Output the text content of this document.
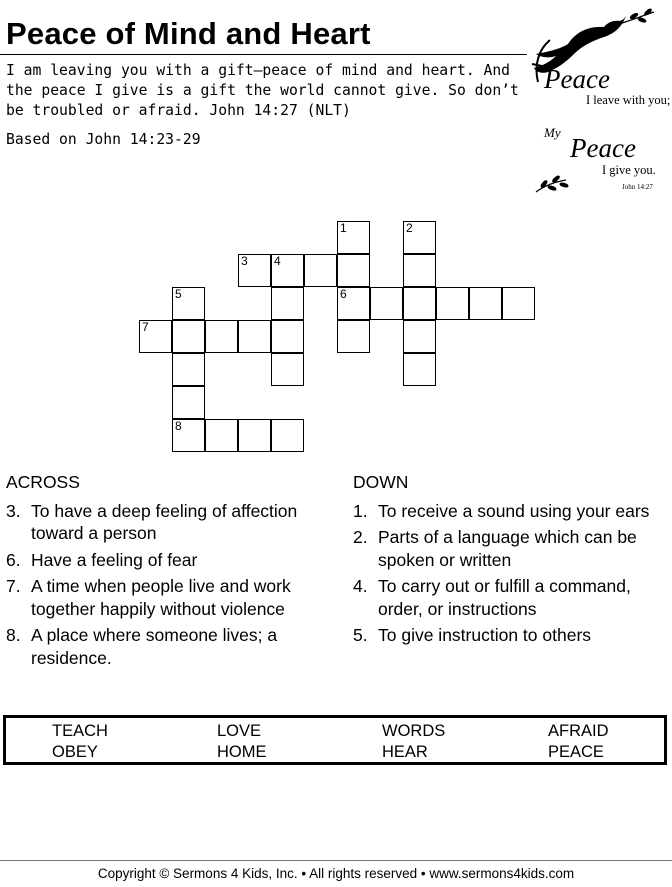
Peace of Mind and Heart
I am leaving you with a gift—peace of mind and heart. And the peace I give is a gift the world cannot give. So don’t be troubled or afraid. John 14:27 (NLT)
Based on John 14:23-29
Peace
I leave with you;
My
Peace
I give you.
John 14:27
3 4
1
6
2
5
8
7
ACROSS
3. To have a deep feeling of affection toward a person
6. Have a feeling of fear
7. A time when people live and work together happily without violence
8. A place where someone lives; a residence.
DOWN
1. To receive a sound using your ears
2. Parts of a language which can be spoken or written
4. To carry out or fulfill a command, order, or instructions
5. To give instruction to others
TEACH	LOVE	WORDS	AFRAID
OBEY	HOME	HEAR	PEACE
Copyright © Sermons 4 Kids, Inc. • All rights reserved • www.sermons4kids.com
